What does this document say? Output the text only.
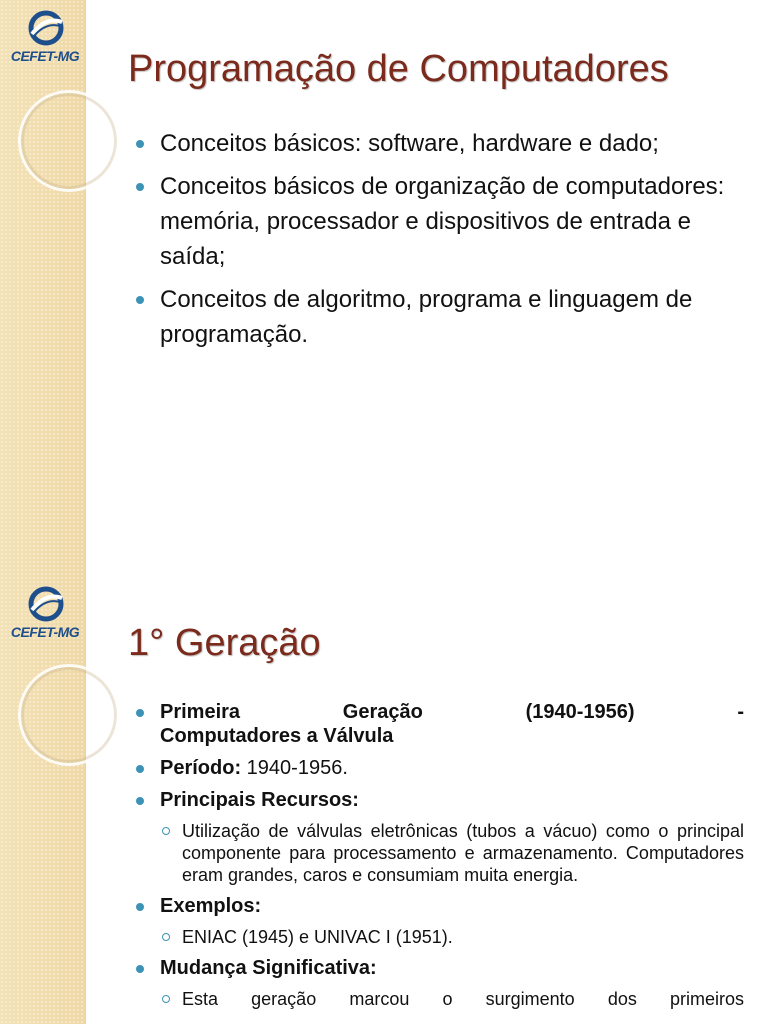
CEFET-MG Programação de Computadores
Conceitos básicos: software, hardware e dado;
Conceitos básicos de organização de computadores: memória, processador e dispositivos de entrada e saída;
Conceitos de algoritmo, programa e linguagem de programação.
CEFET-MG 1° Geração
Primeira Geração (1940-1956) -
Computadores a Válvula
Período: 1940-1956.
Principais Recursos:
Utilização de válvulas eletrônicas (tubos a vácuo) como o principal componente para processamento e armazenamento. Computadores eram grandes, caros e consumiam muita energia.
Exemplos:
ENIAC (1945) e UNIVAC I (1951).
Mudança Significativa:
Esta geração marcou o surgimento dos primeiros
